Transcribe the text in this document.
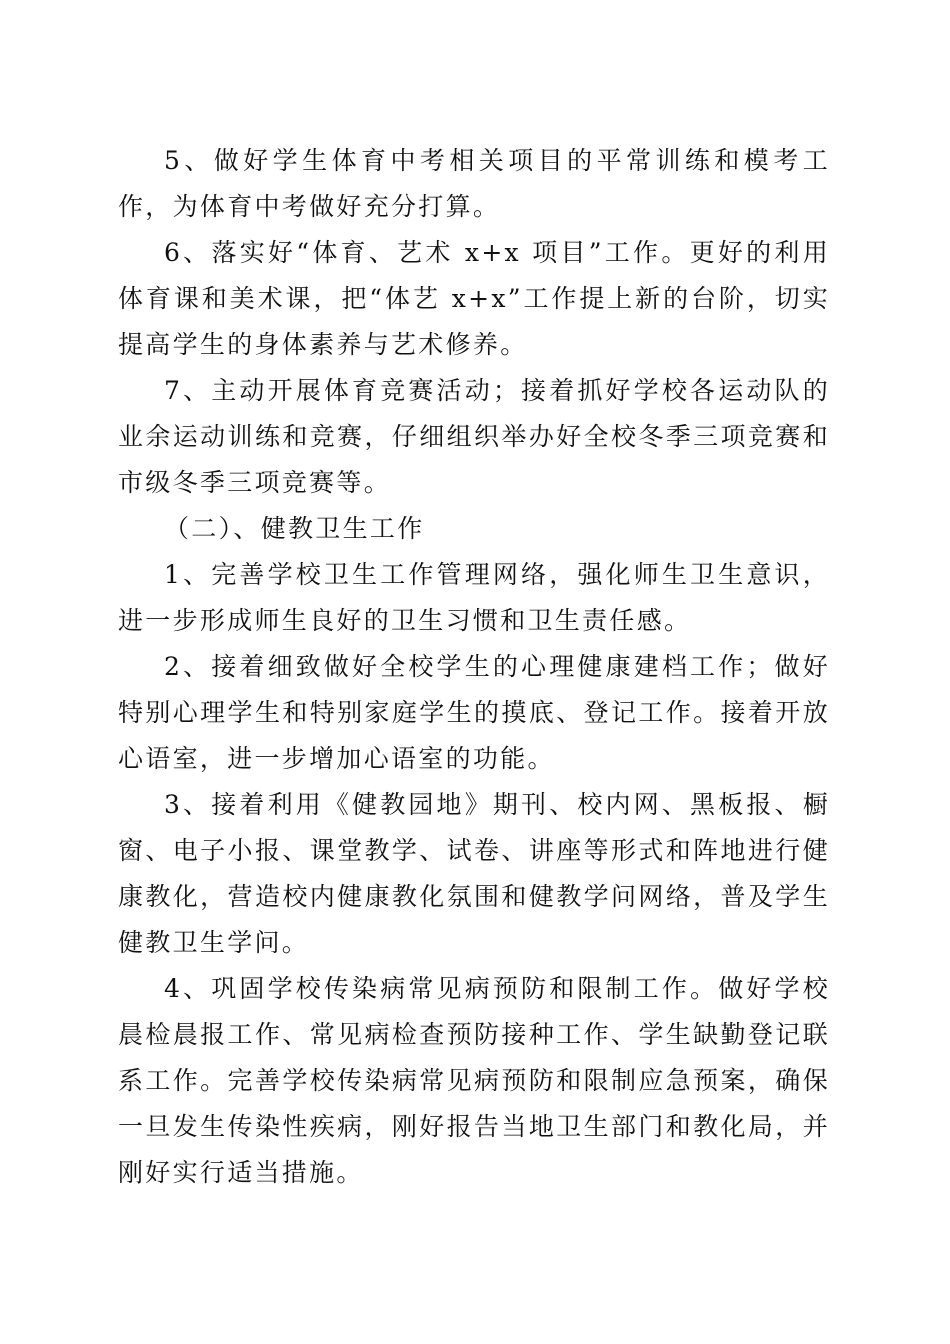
5、做好学生体育中考相关项目的平常训练和模考工作，为体育中考做好充分打算。

6、落实好“体育、艺术 x+x 项目”工作。更好的利用体育课和美术课，把“体艺 x+x”工作提上新的台阶，切实提高学生的身体素养与艺术修养。

7、主动开展体育竞赛活动；接着抓好学校各运动队的业余运动训练和竞赛，仔细组织举办好全校冬季三项竞赛和市级冬季三项竞赛等。

（二）、健教卫生工作

1、完善学校卫生工作管理网络，强化师生卫生意识，进一步形成师生良好的卫生习惯和卫生责任感。

2、接着细致做好全校学生的心理健康建档工作；做好特别心理学生和特别家庭学生的摸底、登记工作。接着开放心语室，进一步增加心语室的功能。

3、接着利用《健教园地》期刊、校内网、黑板报、橱窗、电子小报、课堂教学、试卷、讲座等形式和阵地进行健康教化，营造校内健康教化氛围和健教学问网络，普及学生健教卫生学问。

4、巩固学校传染病常见病预防和限制工作。做好学校晨检晨报工作、常见病检查预防接种工作、学生缺勤登记联系工作。完善学校传染病常见病预防和限制应急预案，确保一旦发生传染性疾病，刚好报告当地卫生部门和教化局，并刚好实行适当措施。
